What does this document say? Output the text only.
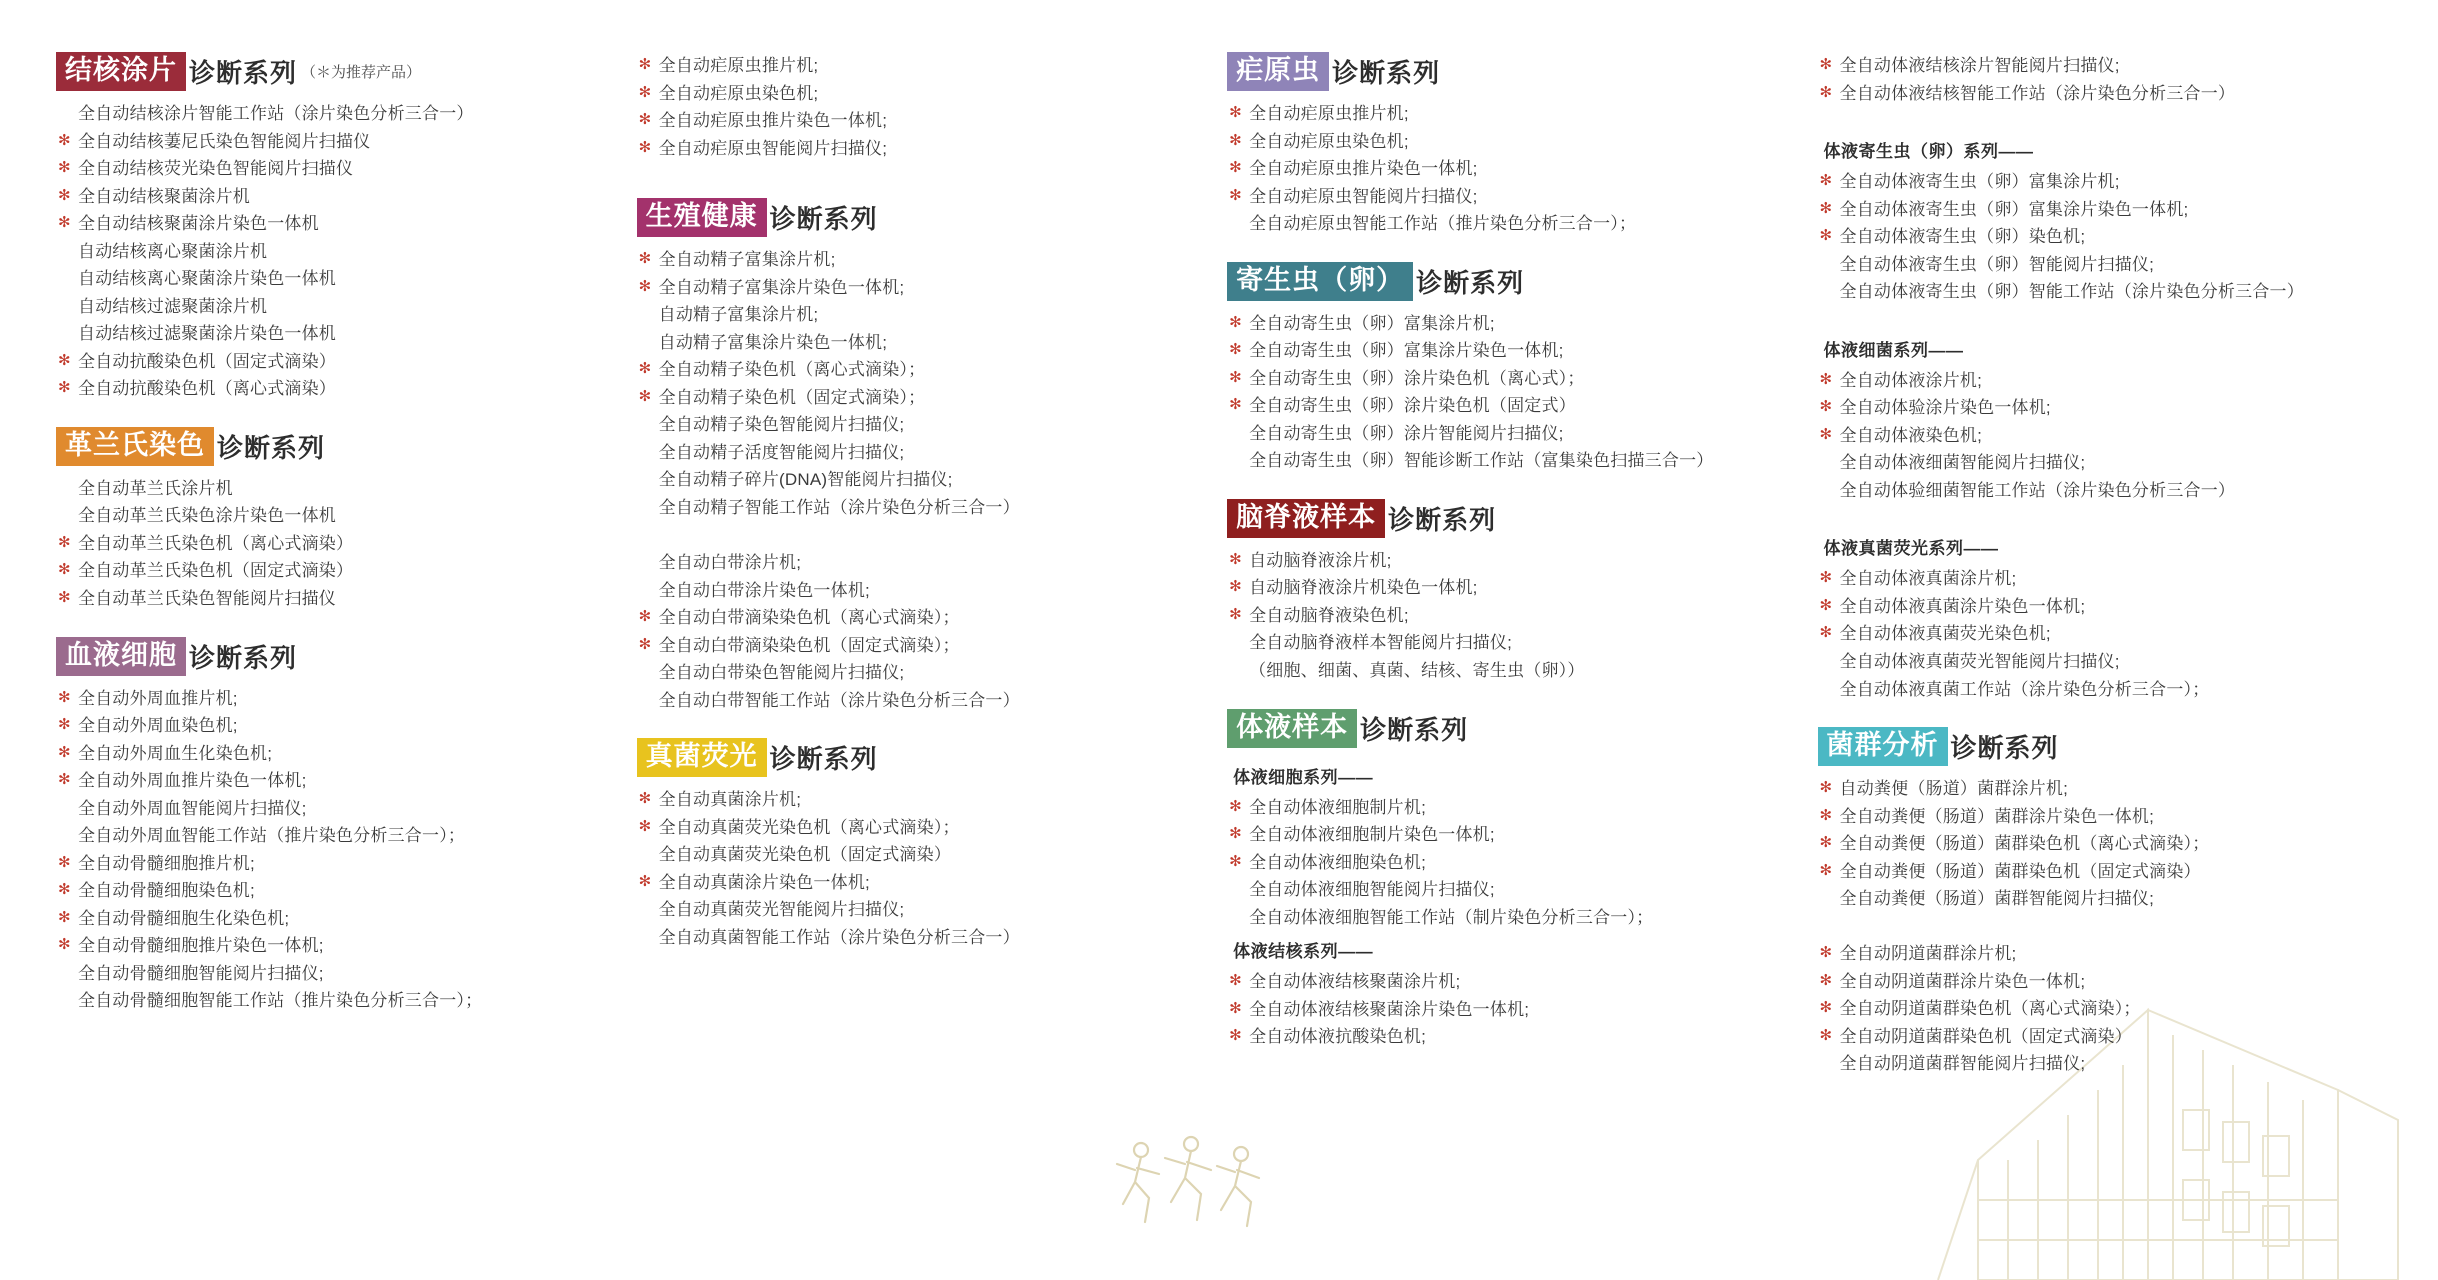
结核涂片 诊断系列 （＊为推荐产品）
全自动结核涂片智能工作站（涂片染色分析三合一）
✻ 全自动结核萋尼氏染色智能阅片扫描仪
✻ 全自动结核荧光染色智能阅片扫描仪
✻ 全自动结核聚菌涂片机
✻ 全自动结核聚菌涂片染色一体机
自动结核离心聚菌涂片机
自动结核离心聚菌涂片染色一体机
自动结核过滤聚菌涂片机
自动结核过滤聚菌涂片染色一体机
✻ 全自动抗酸染色机（固定式滴染）
✻ 全自动抗酸染色机（离心式滴染）
革兰氏染色 诊断系列
全自动革兰氏涂片机
全自动革兰氏染色涂片染色一体机
✻ 全自动革兰氏染色机（离心式滴染）
✻ 全自动革兰氏染色机（固定式滴染）
✻ 全自动革兰氏染色智能阅片扫描仪
血液细胞 诊断系列
✻ 全自动外周血推片机;
✻ 全自动外周血染色机;
✻ 全自动外周血生化染色机;
✻ 全自动外周血推片染色一体机;
全自动外周血智能阅片扫描仪;
全自动外周血智能工作站（推片染色分析三合一）；
✻ 全自动骨髓细胞推片机;
✻ 全自动骨髓细胞染色机;
✻ 全自动骨髓细胞生化染色机;
✻ 全自动骨髓细胞推片染色一体机;
全自动骨髓细胞智能阅片扫描仪;
全自动骨髓细胞智能工作站（推片染色分析三合一）；
✻ 全自动疟原虫推片机;
✻ 全自动疟原虫染色机;
✻ 全自动疟原虫推片染色一体机;
✻ 全自动疟原虫智能阅片扫描仪;
生殖健康 诊断系列
✻ 全自动精子富集涂片机;
✻ 全自动精子富集涂片染色一体机;
自动精子富集涂片机;
自动精子富集涂片染色一体机;
✻ 全自动精子染色机（离心式滴染）；
✻ 全自动精子染色机（固定式滴染）；
全自动精子染色智能阅片扫描仪;
全自动精子活度智能阅片扫描仪;
全自动精子碎片(DNA)智能阅片扫描仪;
全自动精子智能工作站（涂片染色分析三合一）

全自动白带涂片机;
全自动白带涂片染色一体机;
✻ 全自动白带滴染染色机（离心式滴染）；
✻ 全自动白带滴染染色机（固定式滴染）；
全自动白带染色智能阅片扫描仪;
全自动白带智能工作站（涂片染色分析三合一）
真菌荧光 诊断系列
✻ 全自动真菌涂片机;
✻ 全自动真菌荧光染色机（离心式滴染）；
全自动真菌荧光染色机（固定式滴染）
✻ 全自动真菌涂片染色一体机;
全自动真菌荧光智能阅片扫描仪;
全自动真菌智能工作站（涂片染色分析三合一）
疟原虫 诊断系列
✻ 全自动疟原虫推片机;
✻ 全自动疟原虫染色机;
✻ 全自动疟原虫推片染色一体机;
✻ 全自动疟原虫智能阅片扫描仪;
全自动疟原虫智能工作站（推片染色分析三合一）；
寄生虫（卵） 诊断系列
✻ 全自动寄生虫（卵）富集涂片机;
✻ 全自动寄生虫（卵）富集涂片染色一体机;
✻ 全自动寄生虫（卵）涂片染色机（离心式）；
✻ 全自动寄生虫（卵）涂片染色机（固定式）
全自动寄生虫（卵）涂片智能阅片扫描仪;
全自动寄生虫（卵）智能诊断工作站（富集染色扫描三合一）
脑脊液样本 诊断系列
✻ 自动脑脊液涂片机;
✻ 自动脑脊液涂片机染色一体机;
✻ 全自动脑脊液染色机;
全自动脑脊液样本智能阅片扫描仪;
（细胞、细菌、真菌、结核、寄生虫（卵））
体液样本 诊断系列
体液细胞系列——
✻ 全自动体液细胞制片机;
✻ 全自动体液细胞制片染色一体机;
✻ 全自动体液细胞染色机;
全自动体液细胞智能阅片扫描仪;
全自动体液细胞智能工作站（制片染色分析三合一）；
体液结核系列——
✻ 全自动体液结核聚菌涂片机;
✻ 全自动体液结核聚菌涂片染色一体机;
✻ 全自动体液抗酸染色机;
✻ 全自动体液结核涂片智能阅片扫描仪;
✻ 全自动体液结核智能工作站（涂片染色分析三合一）
体液寄生虫（卵）系列——
✻ 全自动体液寄生虫（卵）富集涂片机;
✻ 全自动体液寄生虫（卵）富集涂片染色一体机;
✻ 全自动体液寄生虫（卵）染色机;
全自动体液寄生虫（卵）智能阅片扫描仪;
全自动体液寄生虫（卵）智能工作站（涂片染色分析三合一）
体液细菌系列——
✻ 全自动体液涂片机;
✻ 全自动体验涂片染色一体机;
✻ 全自动体液染色机;
全自动体液细菌智能阅片扫描仪;
全自动体验细菌智能工作站（涂片染色分析三合一）
体液真菌荧光系列——
✻ 全自动体液真菌涂片机;
✻ 全自动体液真菌涂片染色一体机;
✻ 全自动体液真菌荧光染色机;
全自动体液真菌荧光智能阅片扫描仪;
全自动体液真菌工作站（涂片染色分析三合一）；
菌群分析 诊断系列
✻ 自动粪便（肠道）菌群涂片机;
✻ 全自动粪便（肠道）菌群涂片染色一体机;
✻ 全自动粪便（肠道）菌群染色机（离心式滴染）；
✻ 全自动粪便（肠道）菌群染色机（固定式滴染）
全自动粪便（肠道）菌群智能阅片扫描仪;

✻ 全自动阴道菌群涂片机;
✻ 全自动阴道菌群涂片染色一体机;
✻ 全自动阴道菌群染色机（离心式滴染）；
✻ 全自动阴道菌群染色机（固定式滴染）
全自动阴道菌群智能阅片扫描仪;
